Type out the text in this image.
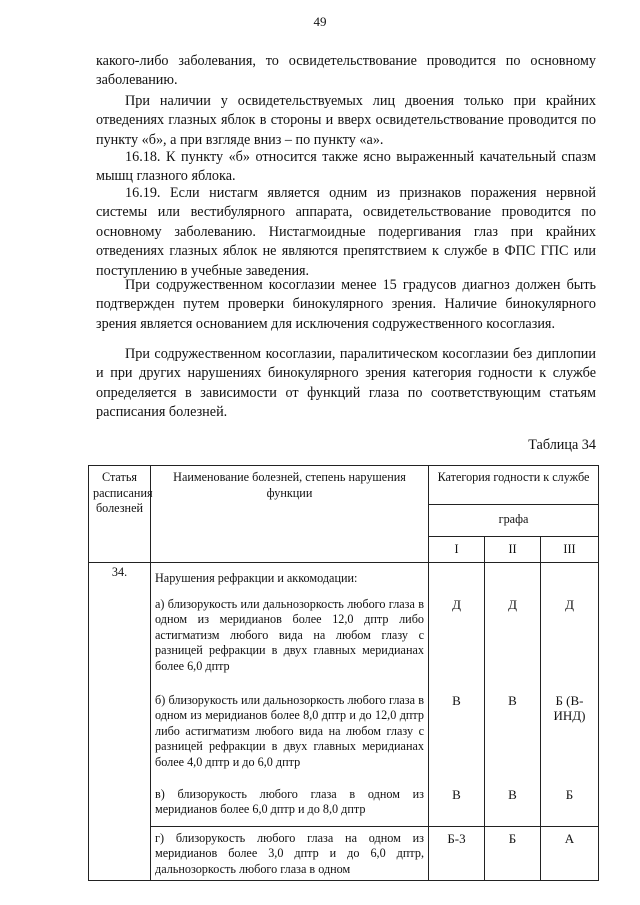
49

какого-либо заболевания, то освидетельствование проводится по основному заболеванию.

При наличии у освидетельствуемых лиц двоения только при крайних отведениях глазных яблок в стороны и вверх освидетельствование проводится по пункту «б», а при взгляде вниз – по пункту «а».

16.18. К пункту «б» относится также ясно выраженный качательный спазм мышц глазного яблока.

16.19. Если нистагм является одним из признаков поражения нервной системы или вестибулярного аппарата, освидетельствование проводится по основному заболеванию. Нистагмоидные подергивания глаз при крайних отведениях глазных яблок не являются препятствием к службе в ФПС ГПС или поступлению в учебные заведения.

При содружественном косоглазии менее 15 градусов диагноз должен быть подтвержден путем проверки бинокулярного зрения. Наличие бинокулярного зрения является основанием для исключения содружественного косоглазия.

При содружественном косоглазии, паралитическом косоглазии без диплопии и при других нарушениях бинокулярного зрения категория годности к службе определяется в зависимости от функций глаза по соответствующим статьям расписания болезней.

Таблица 34
Статья расписания болезней	Наименование болезней, степень нарушения функции	Категория годности к службе		
		графа		
		I	II	III
34.	Нарушения рефракции и аккомодации:
а) близорукость или дальнозоркость любого глаза в одном из меридианов более 12,0 дптр либо астигматизм любого вида на любом глазу с разницей рефракции в двух главных меридианах более 6,0 дптр	Д	Д	Д

	б) близорукость или дальнозоркость любого глаза в одном из меридианов более 8,0 дптр и до 12,0 дптр либо астигматизм любого вида на любом глазу с разницей рефракции в двух главных меридианах более 4,0 дптр и до 6,0 дптр	В	В	Б (В-ИНД)

	в) близорукость любого глаза в одном из меридианов более 6,0 дптр и до 8,0 дптр	В	В	Б

	г) близорукость любого глаза на одном из меридианов более 3,0 дптр и до 6,0 дптр, дальнозоркость любого глаза в одном	Б-3	Б	А
